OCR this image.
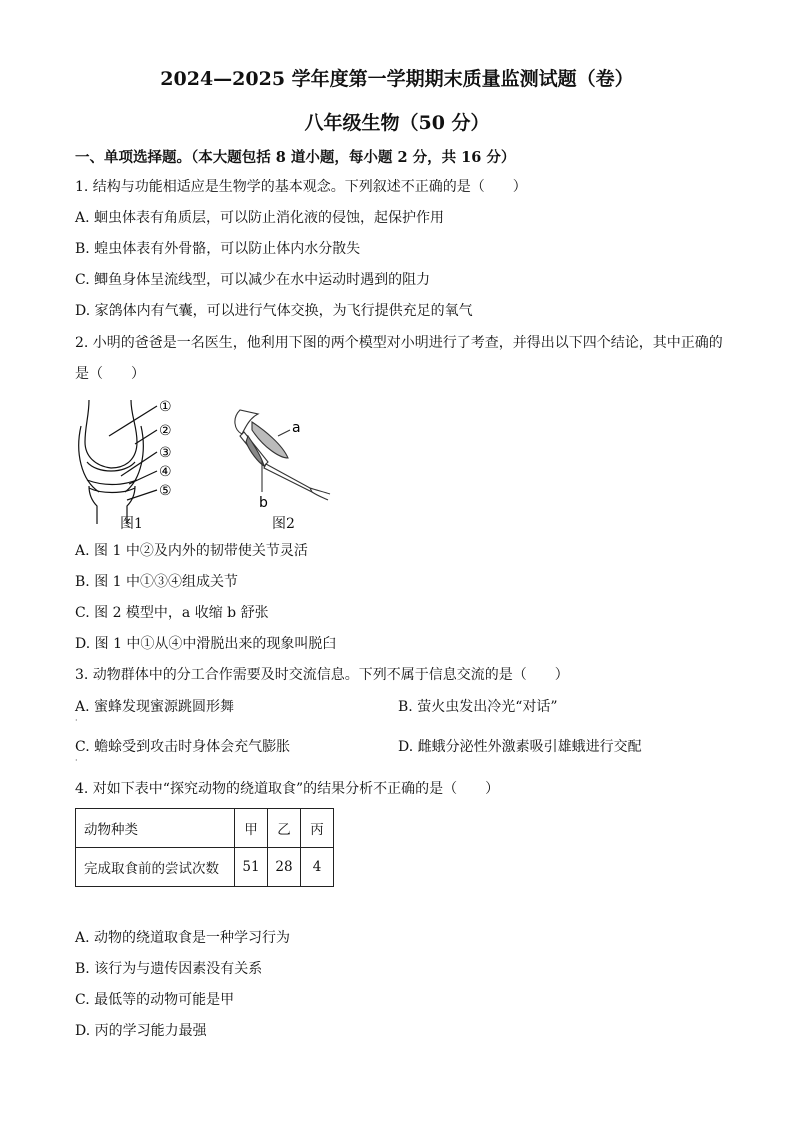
2024—2025 学年度第一学期期末质量监测试题（卷）
八年级生物（50 分）
一、单项选择题。（本大题包括 8 道小题，每小题 2 分，共 16 分）
1. 结构与功能相适应是生物学的基本观念。下列叙述不正确的是（　　）
A. 蛔虫体表有角质层，可以防止消化液的侵蚀，起保护作用
B. 蝗虫体表有外骨骼，可以防止体内水分散失
C. 鲫鱼身体呈流线型，可以减少在水中运动时遇到的阻力
D. 家鸽体内有气囊，可以进行气体交换，为飞行提供充足的氧气
2. 小明的爸爸是一名医生，他利用下图的两个模型对小明进行了考查，并得出以下四个结论，其中正确的
是（　　）
①
②
③
④
⑤
图1
a
b
图2
A. 图 1 中②及内外的韧带使关节灵活
B. 图 1 中①③④组成关节
C. 图 2 模型中，a 收缩 b 舒张
D. 图 1 中①从④中滑脱出来的现象叫脱臼
3. 动物群体中的分工合作需要及时交流信息。下列不属于信息交流的是（　　）
A. 蜜蜂发现蜜源跳圆形舞	B. 萤火虫发出冷光“对话”
·
C. 蟾蜍受到攻击时身体会充气膨胀	D. 雌蛾分泌性外激素吸引雄蛾进行交配
·
4. 对如下表中“探究动物的绕道取食”的结果分析不正确的是（　　）
动物种类	甲	乙	丙
完成取食前的尝试次数	51	28	4
A. 动物的绕道取食是一种学习行为
B. 该行为与遗传因素没有关系
C. 最低等的动物可能是甲
D. 丙的学习能力最强
